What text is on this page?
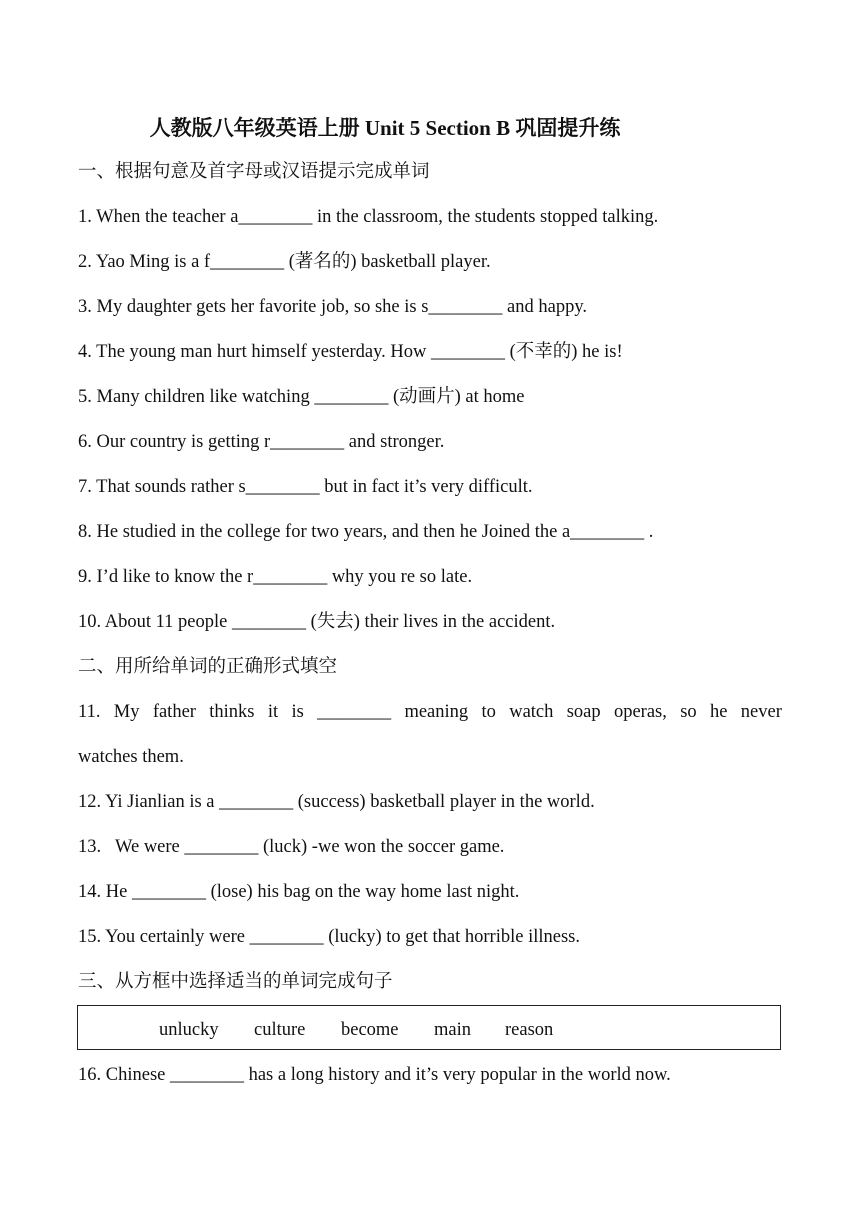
人教版八年级英语上册 Unit 5 Section B 巩固提升练
一、根据句意及首字母或汉语提示完成单词
1. When the teacher a________ in the classroom, the students stopped talking.
2. Yao Ming is a f________ (著名的) basketball player.
3. My daughter gets her favorite job, so she is s________ and happy.
4. The young man hurt himself yesterday. How ________ (不幸的) he is!
5. Many children like watching ________ (动画片) at home
6. Our country is getting r________ and stronger.
7. That sounds rather s________ but in fact it’s very difficult.
8. He studied in the college for two years, and then he Joined the a________ .
9. I’d like to know the r________ why you re so late.
10. About 11 people ________ (失去) their lives in the accident.
二、用所给单词的正确形式填空
11. My father thinks it is ________ meaning to watch soap operas, so he never
watches them.
12. Yi Jianlian is a ________ (success) basketball player in the world.
13.   We were ________ (luck) -we won the soccer game.
14. He ________ (lose) his bag on the way home last night.
15. You certainly were ________ (lucky) to get that horrible illness.
三、从方框中选择适当的单词完成句子
unlucky culture become main reason
16. Chinese ________ has a long history and it’s very popular in the world now.
